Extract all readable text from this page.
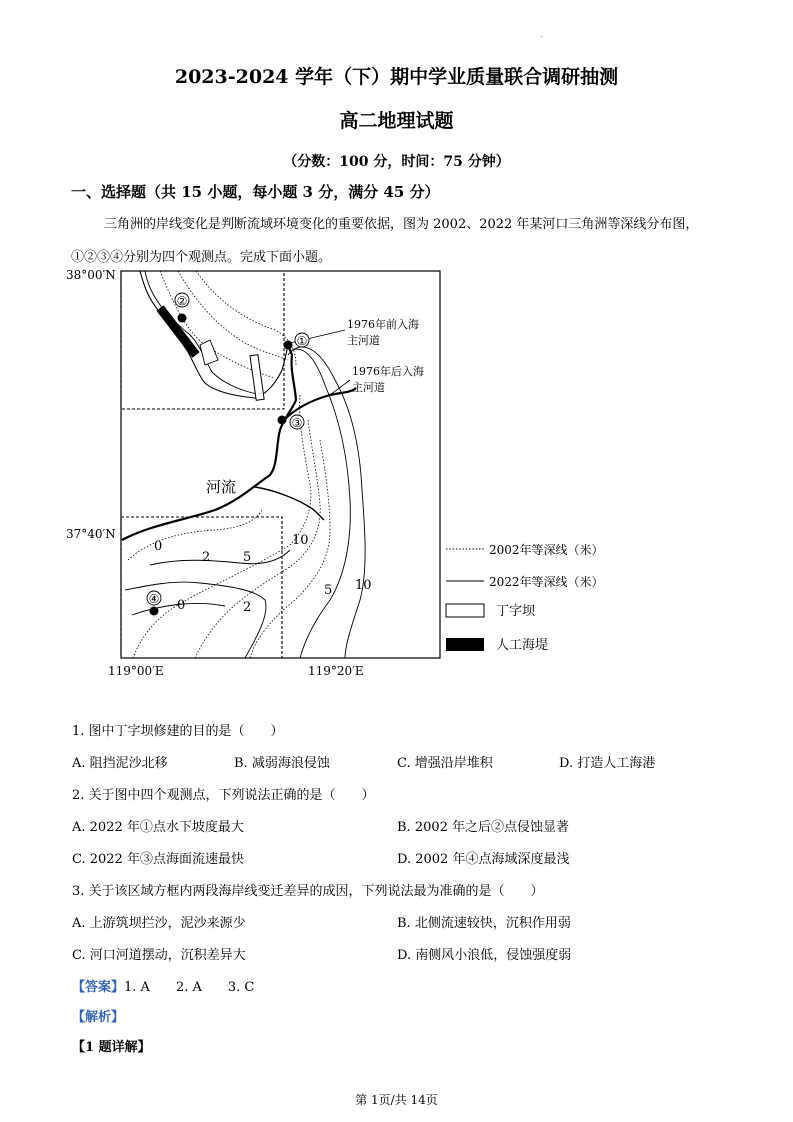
.
2023-2024 学年（下）期中学业质量联合调研抽测
高二地理试题
（分数：100 分，时间：75 分钟）
一、选择题（共 15 小题，每小题 3 分，满分 45 分）
三角洲的岸线变化是判断流域环境变化的重要依据，图为 2002、2022 年某河口三角洲等深线分布图，
①②③④分别为四个观测点。完成下面小题。
①
②
③
④
38°00′N
37°40′N
119°00′E	119°20′E
1976年前入海
主河道
1976年后入海
主河道
河流
0
2	5
10
0	2
5 10
2002年等深线（米）
2022年等深线（米）
丁字坝
人工海堤
1. 图中丁字坝修建的目的是（　　）
A. 阻挡泥沙北移	B. 减弱海浪侵蚀	C. 增强沿岸堆积	D. 打造人工海港
2. 关于图中四个观测点，下列说法正确的是（　　）
A. 2022 年①点水下坡度最大	B. 2002 年之后②点侵蚀显著
C. 2022 年③点海面流速最快	D. 2002 年④点海域深度最浅
3. 关于该区域方框内两段海岸线变迁差异的成因，下列说法最为准确的是（　　）
A. 上游筑坝拦沙，泥沙来源少	B. 北侧流速较快，沉积作用弱
C. 河口河道摆动，沉积差异大	D. 南侧风小浪低，侵蚀强度弱
【答案】1. A　　2. A　　3. C
【解析】
【1 题详解】
第 1页/共 14页
